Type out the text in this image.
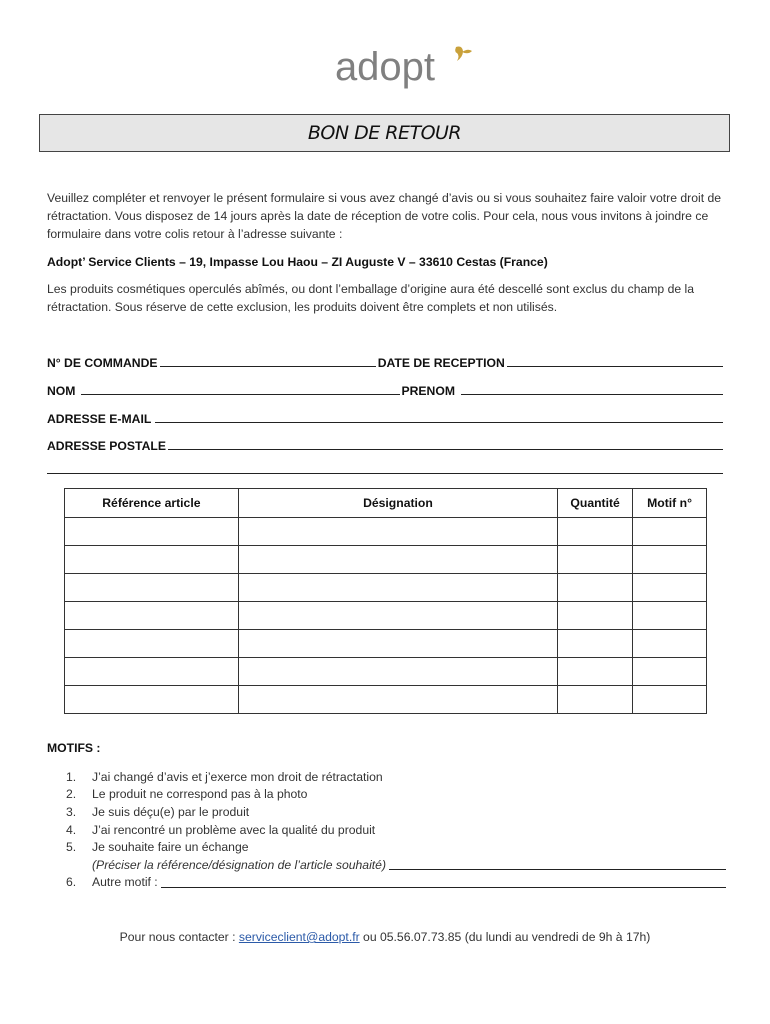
adopt
BON DE RETOUR
Veuillez compléter et renvoyer le présent formulaire si vous avez changé d’avis ou si vous souhaitez faire valoir votre droit de rétractation. Vous disposez de 14 jours après la date de réception de votre colis. Pour cela, nous vous invitons à joindre ce formulaire dans votre colis retour à l’adresse suivante :
Adopt’ Service Clients – 19, Impasse Lou Haou – ZI Auguste V – 33610 Cestas (France)
Les produits cosmétiques operculés abîmés, ou dont l’emballage d’origine aura été descellé sont exclus du champ de la rétractation. Sous réserve de cette exclusion, les produits doivent être complets et non utilisés.
N° DE COMMANDE	DATE DE RECEPTION
NOM	PRENOM
ADRESSE E-MAIL
ADRESSE POSTALE
Référence article	Désignation	Quantité	Motif n°

MOTIFS :
1.	J’ai changé d’avis et j’exerce mon droit de rétractation
2.	Le produit ne correspond pas à la photo
3.	Je suis déçu(e) par le produit
4.	J’ai rencontré un problème avec la qualité du produit
5.	Je souhaite faire un échange
(Préciser la référence/désignation de l’article souhaité)
6.	Autre motif :
Pour nous contacter : serviceclient@adopt.fr ou 05.56.07.73.85 (du lundi au vendredi de 9h à 17h)
